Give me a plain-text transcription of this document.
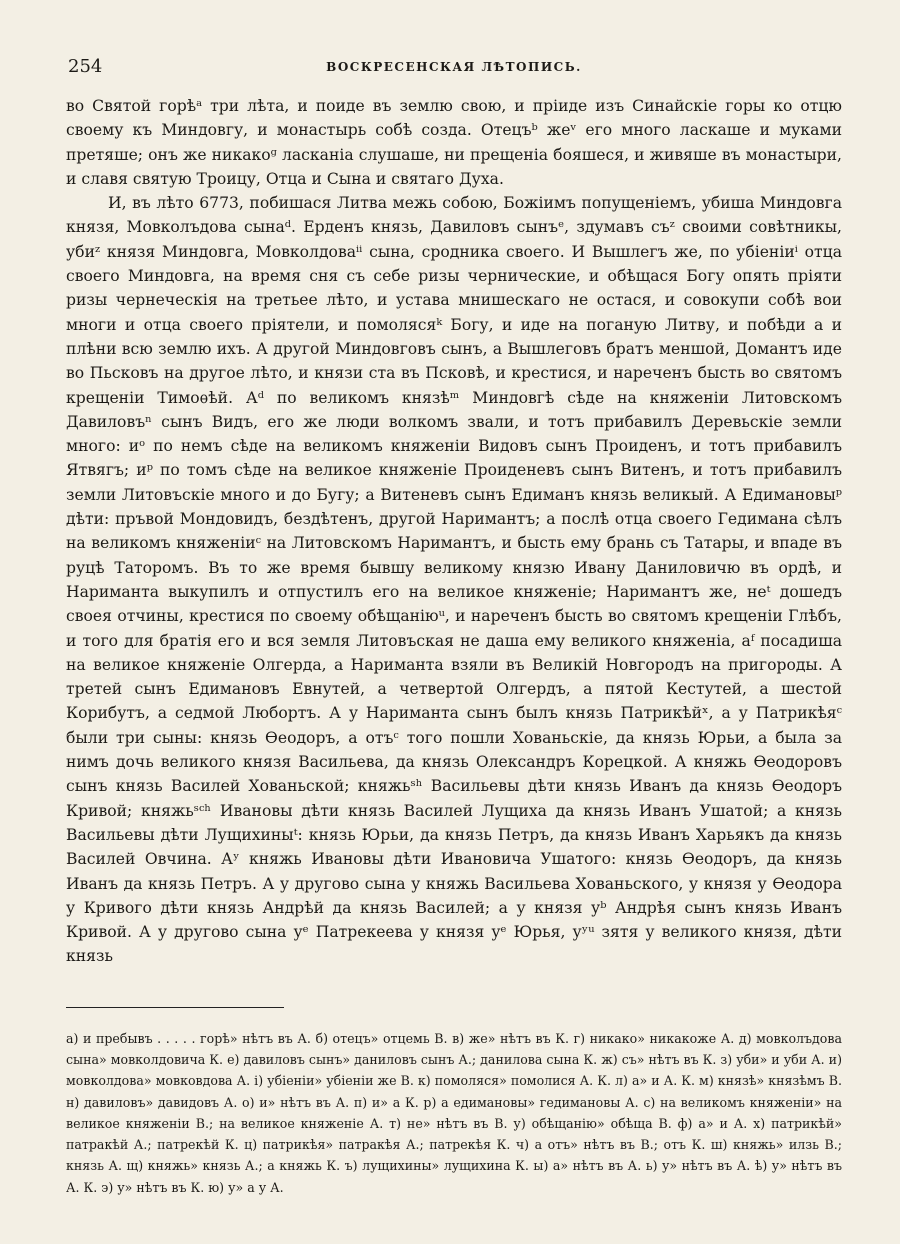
254	ВОСКРЕСЕНСКАЯ ЛѢТОПИСЬ.

во Святой горѣᵃ три лѣта, и поиде въ землю свою, и пріиде изъ Синайскіе горы ко отцю своему къ Миндовгу, и монастырь собѣ созда. Отецъᵇ жеᵛ его много ласкаше и муками претяше; онъ же никакоᵍ ласканіа слушаше, ни прещеніа бояшеся, и живяше въ монастыри, и славя святую Троицу, Отца и Сына и святаго Духа.

И, въ лѣто 6773, побишася Литва межь собою, Божіимъ попущеніемъ, убиша Миндовга князя, Мовколъдова сынаᵈ. Ерденъ князь, Давиловъ сынъᵉ, здумавъ съᶻ своими совѣтникы, убиᶻ князя Миндовга, Мовколдоваⁱⁱ сына, сродника своего. И Вышлегъ же, по убіеніиⁱ отца своего Миндовга, на время сня съ себе ризы чернические, и обѣщася Богу опять пріяти ризы чернеческія на третьее лѣто, и устава мнишескаго не остася, и совокупи собѣ вои многи и отца своего пріятели, и помолясяᵏ Богу, и иде на поганую Литву, и побѣди а и плѣни всю землю ихъ. А другой Миндовговъ сынъ, а Вышлеговъ братъ меншой, Домантъ иде во Пьсковъ на другое лѣто, и князи ста въ Псковѣ, и крестися, и нареченъ бысть во святомъ крещеніи Тимоѳѣй. Аᵈ по великомъ князѣᵐ Миндовгѣ сѣде на княженіи Литовскомъ Давиловъⁿ сынъ Видъ, его же люди волкомъ звали, и тотъ прибавилъ Деревьскіе земли много: иᵒ по немъ сѣде на великомъ княженіи Видовъ сынъ Проиденъ, и тотъ прибавилъ Ятвягъ; иᵖ по томъ сѣде на великое княженіе Проиденевъ сынъ Витенъ, и тотъ прибавилъ земли Литовъскіе много и до Бугу; а Витеневъ сынъ Едиманъ князь великый. А Едимановыᵖ дѣти: пръвой Мондовидъ, бездѣтенъ, другой Наримантъ; а послѣ отца своего Гедимана сѣлъ на великомъ княженіиᶜ на Литовскомъ Наримантъ, и бысть ему брань съ Татары, и впаде въ руцѣ Таторомъ. Въ то же время бывшу великому князю Ивану Даниловичю въ ордѣ, и Нариманта выкупилъ и отпустилъ его на великое княженіе; Наримантъ же, неᵗ дошедъ своея отчины, крестися по своему обѣщаніюᵘ, и нареченъ бысть во святомъ крещеніи Глѣбъ, и того для братія его и вся земля Литовъская не даша ему великого княженіа, аᶠ посадиша на великое княженіе Олгерда, а Нариманта взяли въ Великій Новгородъ на пригороды. А третей сынъ Едимановъ Евнутей, а четвертой Олгердъ, а пятой Кестутей, а шестой Корибутъ, а седмой Любортъ. А у Нариманта сынъ былъ князь Патрикѣйˣ, а у Патрикѣяᶜ были три сыны: князь Ѳеодоръ, а отъᶜ того пошли Хованьскіе, да князь Юрьи, а была за нимъ дочь великого князя Васильева, да князь Олександръ Корецкой. А княжь Ѳеодоровъ сынъ князь Василей Хованьской; княжьˢʰ Васильевы дѣти князь Иванъ да князь Ѳеодоръ Кривой; княжьˢᶜʰ Ивановы дѣти князь Василей Лущиха да князь Иванъ Ушатой; а князь Васильевы дѣти Лущихиныᵗ: князь Юрьи, да князь Петръ, да князь Иванъ Харьякъ да князь Василей Овчина. Аʸ княжь Ивановы дѣти Ивановича Ушатого: князь Ѳеодоръ, да князь Иванъ да князь Петръ. А у другово сына у княжь Васильева Хованьского, у князя у Ѳеодора у Кривого дѣти князь Андрѣй да князь Василей; а у князя уᵇ Андрѣя сынъ князь Иванъ Кривой. А у другово сына уᵉ Патрекеева у князя уᵉ Юрья, уʸᵘ зятя у великого князя, дѣти князь

а) и пребывъ . . . . . горѣ» нѣтъ въ А. б) отецъ» отцемь В. в) же» нѣтъ въ К. г) никако» никакоже А. д) мовколъдова сына» мовколдовича К. е) давиловъ сынъ» даниловъ сынъ А.; данилова сына К. ж) съ» нѣтъ въ К. з) уби» и уби А. и) мовколдова» мовковдова А. і) убіеніи» убіеніи же В. к) помоляся» помолися А. К. л) а» и А. К. м) князѣ» князѣмъ В. н) давиловъ» давидовъ А. о) и» нѣтъ въ А. п) и» а К. р) а едимановы» гедимановы А. с) на великомъ княженіи» на великое княженіи В.; на великое княженіе А. т) не» нѣтъ въ В. у) обѣщанію» обѣща В. ф) а» и А. х) патрикѣй» патракѣй А.; патрекѣй К. ц) патрикѣя» патракѣя А.; патрекѣя К. ч) а отъ» нѣтъ въ В.; отъ К. ш) княжь» илзь В.; князь А. щ) княжь» князь А.; а княжь К. ъ) лущихины» лущихина К. ы) а» нѣтъ въ А. ь) у» нѣтъ въ А. ѣ) у» нѣтъ въ А. К. э) у» нѣтъ въ К. ю) у» а у А.
